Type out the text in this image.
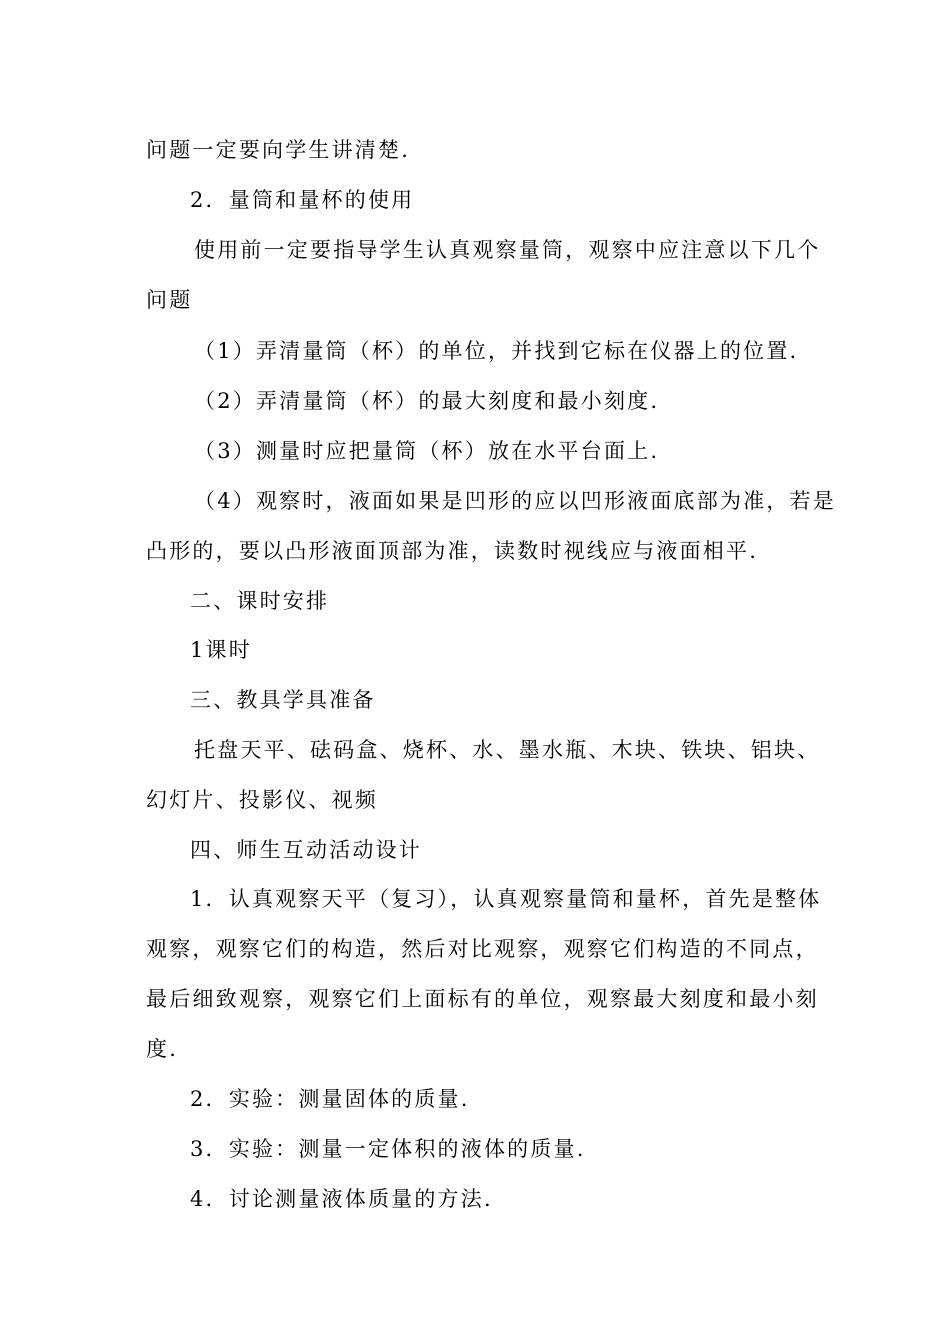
问题一定要向学生讲清楚.
2．量筒和量杯的使用
使用前一定要指导学生认真观察量筒，观察中应注意以下几个
问题
（1）弄清量筒（杯）的单位，并找到它标在仪器上的位置.
（2）弄清量筒（杯）的最大刻度和最小刻度.
（3）测量时应把量筒（杯）放在水平台面上.
（4）观察时，液面如果是凹形的应以凹形液面底部为准，若是
凸形的，要以凸形液面顶部为准，读数时视线应与液面相平.
二、课时安排
1课时
三、教具学具准备
托盘天平、砝码盒、烧杯、水、墨水瓶、木块、铁块、铝块、
幻灯片、投影仪、视频
四、师生互动活动设计
1．认真观察天平（复习），认真观察量筒和量杯，首先是整体
观察，观察它们的构造，然后对比观察，观察它们构造的不同点，
最后细致观察，观察它们上面标有的单位，观察最大刻度和最小刻
度.
2．实验：测量固体的质量.
3．实验：测量一定体积的液体的质量.
4．讨论测量液体质量的方法.
